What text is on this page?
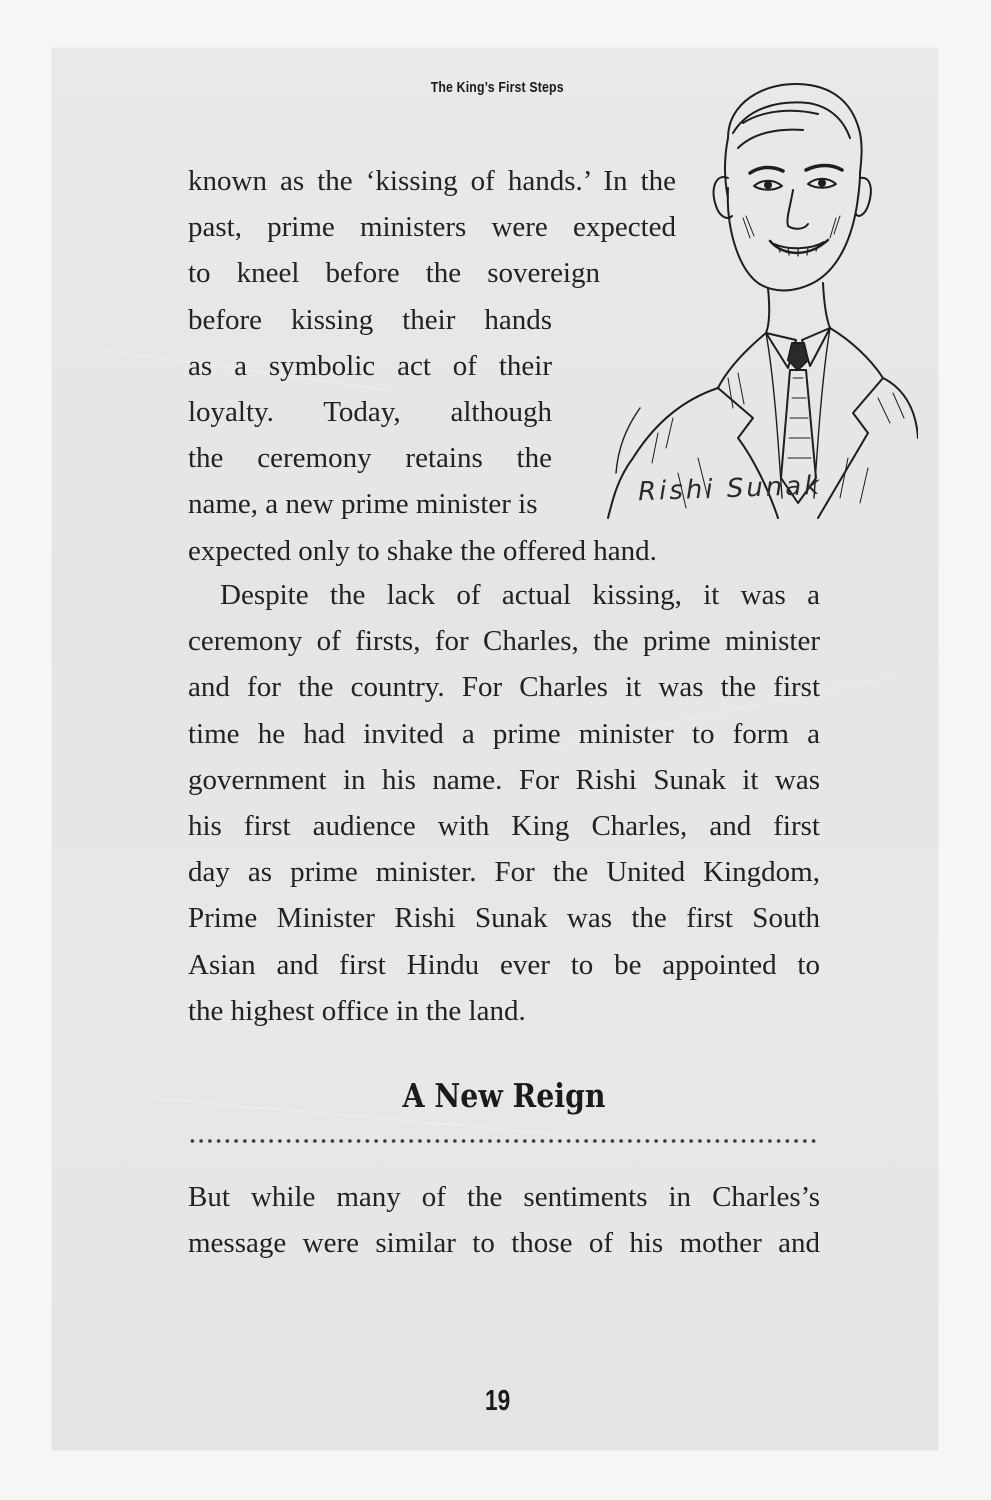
The King’s First Steps
Rishi Sunak
known as the ‘kissing of hands.’ In the
past, prime ministers were expected
to kneel before the sovereign
before kissing their hands
as a symbolic act of their
loyalty. Today, although
the ceremony retains the
name, a new prime minister is
expected only to shake the offered hand.
Despite the lack of actual kissing, it was a
ceremony of firsts, for Charles, the prime minister
and for the country. For Charles it was the first
time he had invited a prime minister to form a
government in his name. For Rishi Sunak it was
his first audience with King Charles, and first
day as prime minister. For the United Kingdom,
Prime Minister Rishi Sunak was the first South
Asian and first Hindu ever to be appointed to
the highest office in the land.
A New Reign
But while many of the sentiments in Charles’s
message were similar to those of his mother and
19
